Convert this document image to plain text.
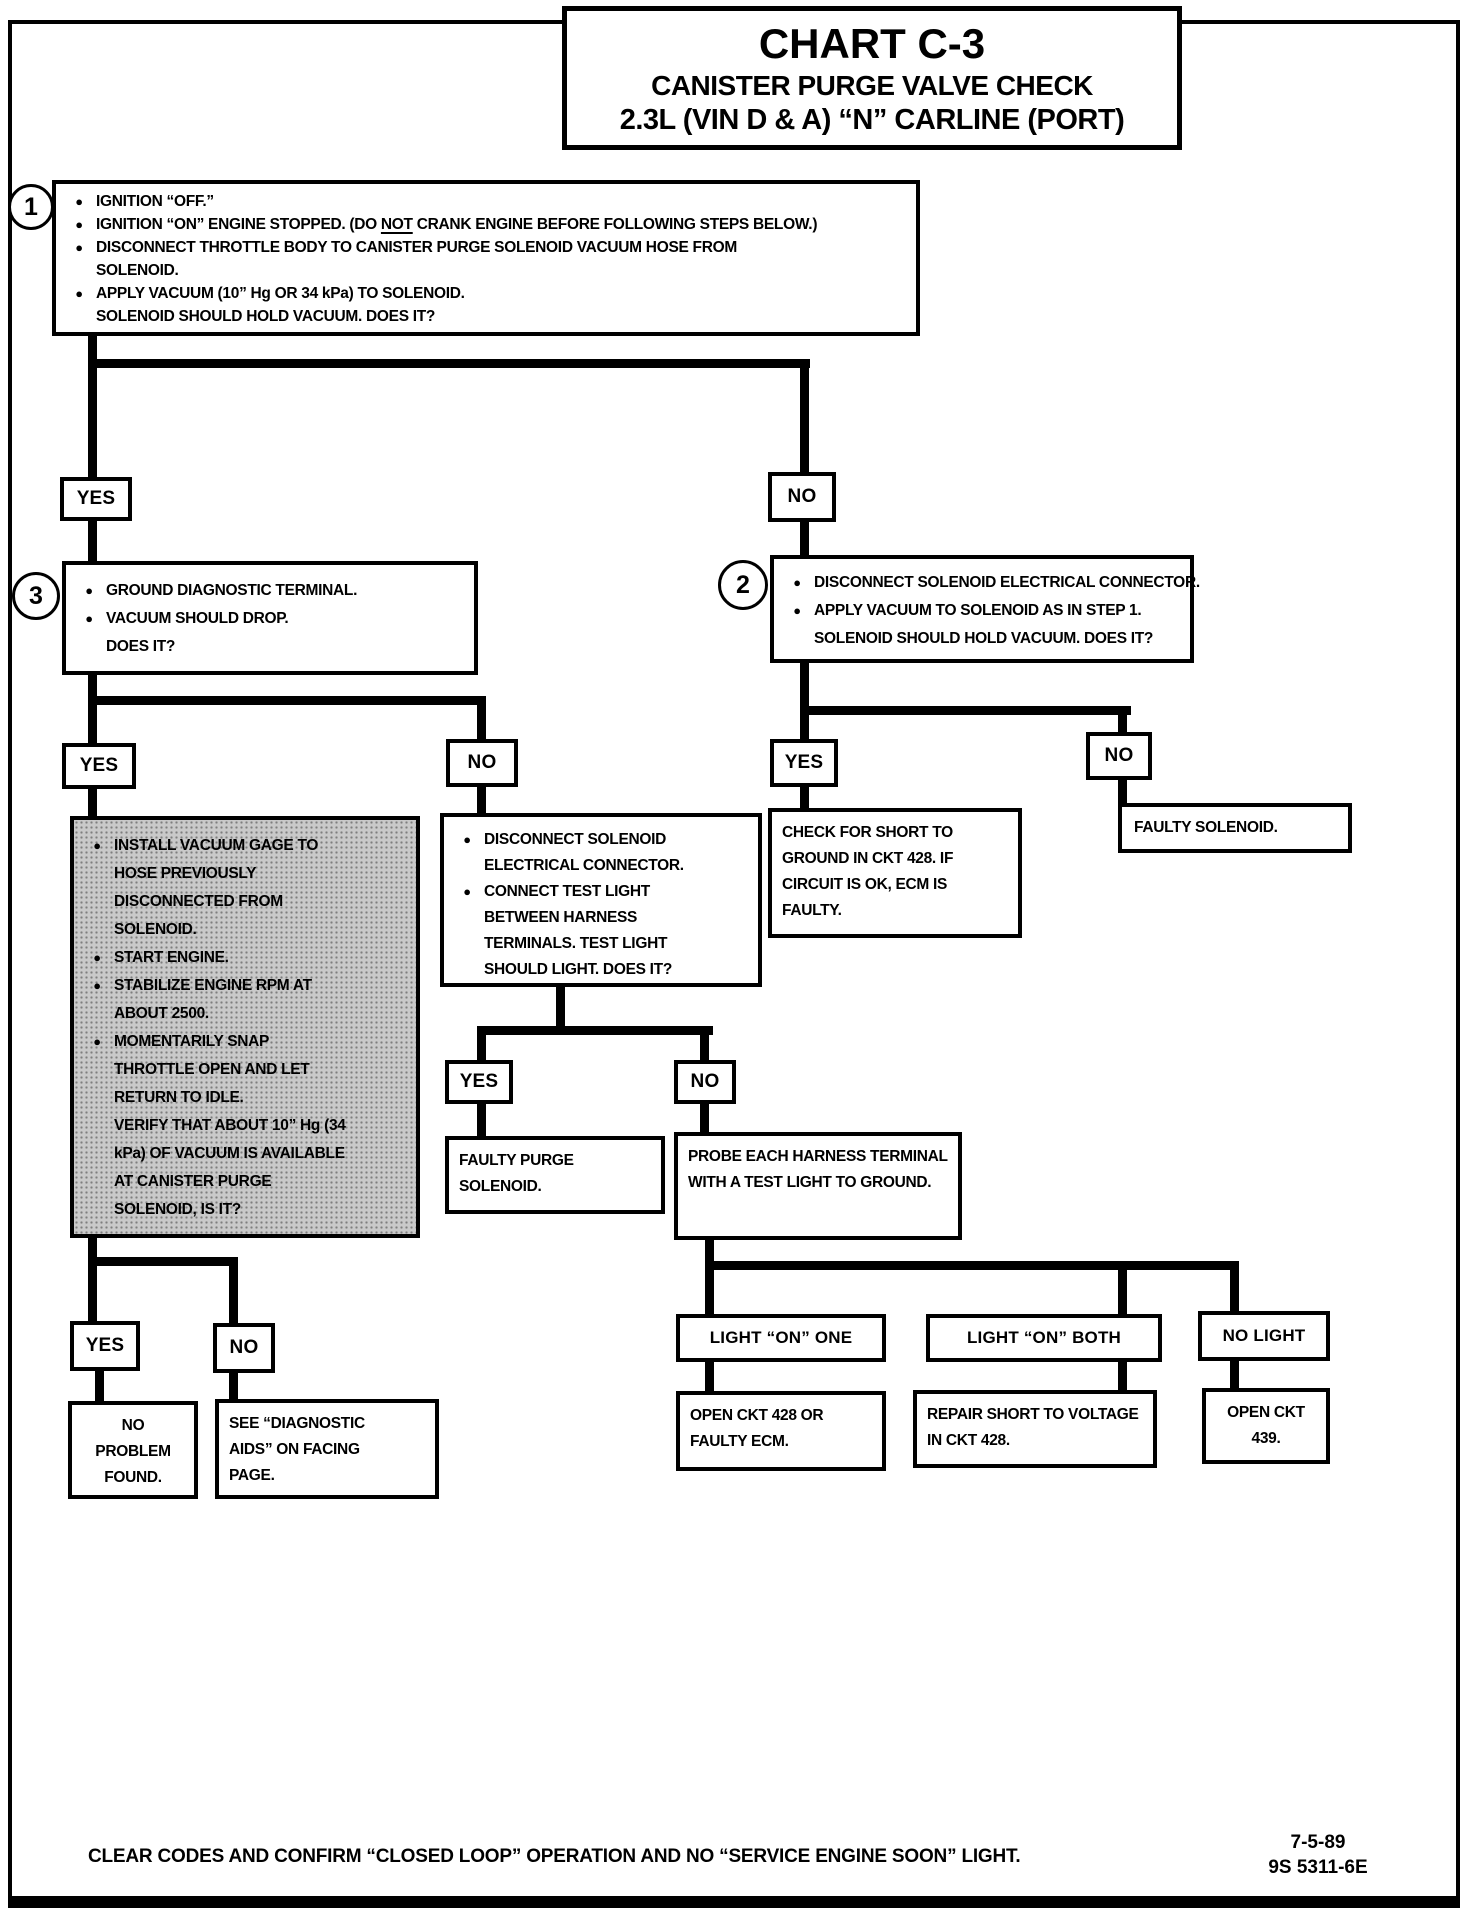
CHART C-3
CANISTER PURGE VALVE CHECK
2.3L (VIN D & A) “N” CARLINE (PORT)
1	● IGNITION “OFF.”
● IGNITION “ON” ENGINE STOPPED. (DO NOT CRANK ENGINE BEFORE FOLLOWING STEPS BELOW.)
● DISCONNECT THROTTLE BODY TO CANISTER PURGE SOLENOID VACUUM HOSE FROM
SOLENOID.
● APPLY VACUUM (10” Hg OR 34 kPa) TO SOLENOID.
SOLENOID SHOULD HOLD VACUUM. DOES IT?
YES	NO
3	● GROUND DIAGNOSTIC TERMINAL.
● VACUUM SHOULD DROP.
DOES IT?
2	● DISCONNECT SOLENOID ELECTRICAL CONNECTOR.
● APPLY VACUUM TO SOLENOID AS IN STEP 1.
SOLENOID SHOULD HOLD VACUUM. DOES IT?
YES	NO	YES	NO
● INSTALL VACUUM GAGE TO HOSE PREVIOUSLY DISCONNECTED FROM SOLENOID.
● START ENGINE.
● STABILIZE ENGINE RPM AT ABOUT 2500.
● MOMENTARILY SNAP THROTTLE OPEN AND LET RETURN TO IDLE.
VERIFY THAT ABOUT 10” Hg (34 kPa) OF VACUUM IS AVAILABLE AT CANISTER PURGE SOLENOID, IS IT?
● DISCONNECT SOLENOID ELECTRICAL CONNECTOR.
● CONNECT TEST LIGHT BETWEEN HARNESS TERMINALS. TEST LIGHT SHOULD LIGHT. DOES IT?
CHECK FOR SHORT TO GROUND IN CKT 428. IF CIRCUIT IS OK, ECM IS FAULTY.
FAULTY SOLENOID.
YES	NO
FAULTY PURGE SOLENOID.
PROBE EACH HARNESS TERMINAL WITH A TEST LIGHT TO GROUND.
YES	NO
NO PROBLEM FOUND.
SEE “DIAGNOSTIC AIDS” ON FACING PAGE.
LIGHT “ON” ONE	LIGHT “ON” BOTH	NO LIGHT
OPEN CKT 428 OR FAULTY ECM.
REPAIR SHORT TO VOLTAGE IN CKT 428.
OPEN CKT 439.
CLEAR CODES AND CONFIRM “CLOSED LOOP” OPERATION AND NO “SERVICE ENGINE SOON” LIGHT.
7-5-89
9S 5311-6E
